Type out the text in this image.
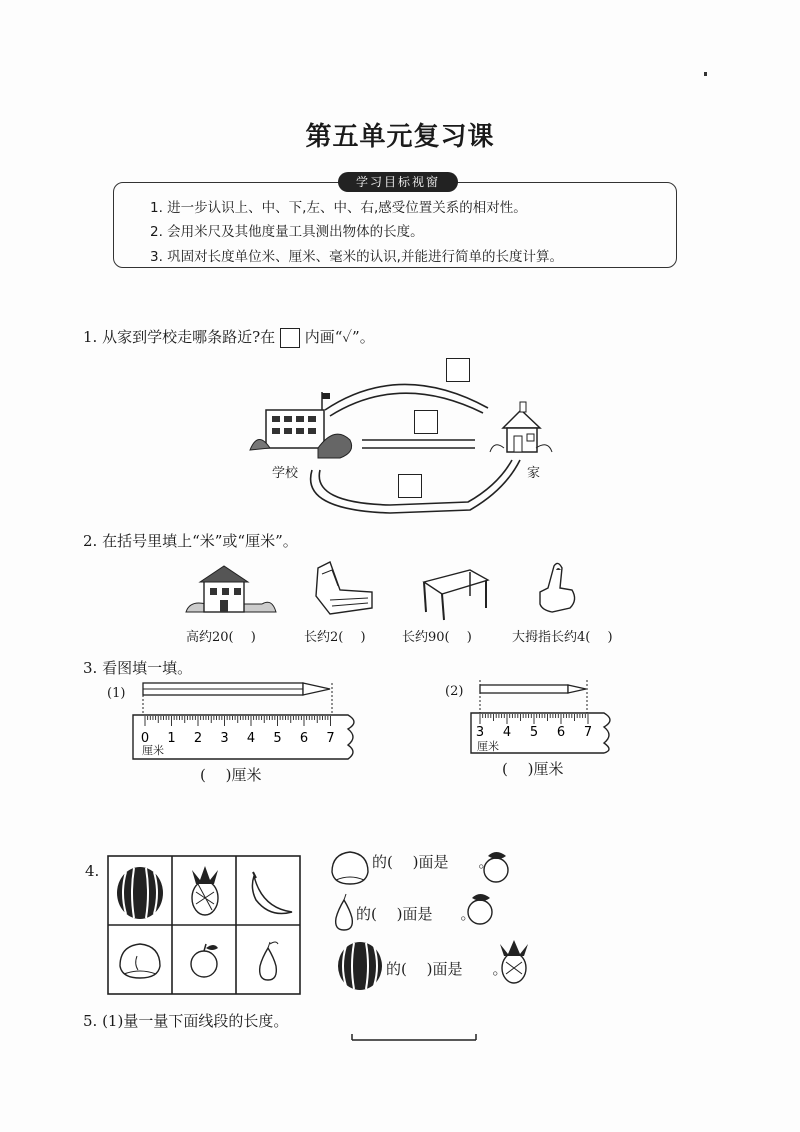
第五单元复习课
学习目标视窗
1. 进一步认识上、中、下,左、中、右,感受位置关系的相对性。
2. 会用米尺及其他度量工具测出物体的长度。
3. 巩固对长度单位米、厘米、毫米的认识,并能进行简单的长度计算。
1. 从家到学校走哪条路近?在 内画“✓”。
学校	家
2. 在括号里填上“米”或“厘米”。
高约20(　 )	长约2(　 )	长约90(　 )	大拇指长约4(　 )
3. 看图填一填。
(1)	(2)
0 1 2 3 4 5 6 7	3 4 5 6 7
厘米	厘米
(　 )厘米	(　 )厘米
4.	的(　 )面是 。
的(　 )面是 。
的(　 )面是 。
5. (1)量一量下面线段的长度。
